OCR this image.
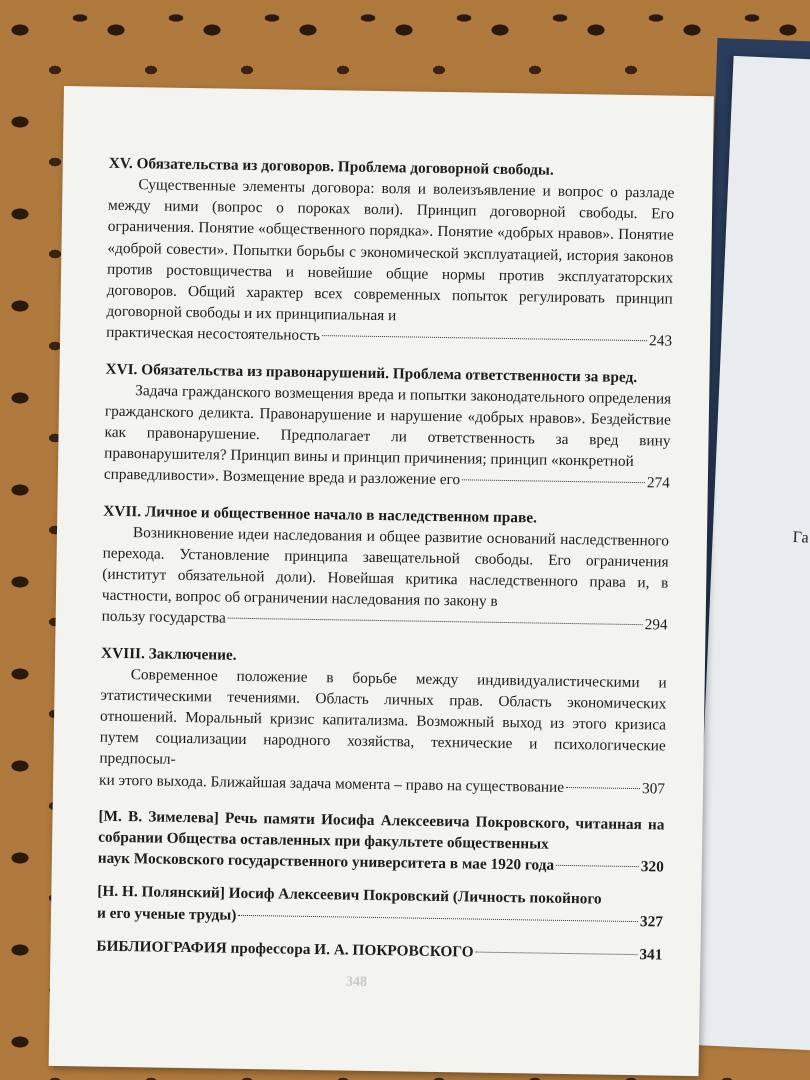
Га
XV. Обязательства из договоров. Проблема договорной свободы.
Существенные элементы договора: воля и волеизъявление и вопрос о разладе между ними (вопрос о пороках воли). Принцип договорной свободы. Его ограничения. Понятие «общественного порядка». Понятие «добрых нравов». Понятие «доброй совести». Попытки борьбы с экономической эксплуатацией, история законов против ростовщичества и новейшие общие нормы против эксплуататорских договоров. Общий характер всех современных попыток регулировать принцип договорной свободы и их принципиальная и
практическая несостоятельность	243
XVI. Обязательства из правонарушений. Проблема ответственности за вред.
Задача гражданского возмещения вреда и попытки законодательного определения гражданского деликта. Правонарушение и нарушение «добрых нравов». Бездействие как правонарушение. Предполагает ли ответственность за вред вину правонарушителя? Принцип вины и принцип причинения; принцип «конкретной
справедливости». Возмещение вреда и разложение его	274
XVII. Личное и общественное начало в наследственном праве.
Возникновение идеи наследования и общее развитие оснований наследственного перехода. Установление принципа завещательной свободы. Его ограничения (институт обязательной доли). Новейшая критика наследственного права и, в частности, вопрос об ограничении наследования по закону в
пользу государства	294
XVIII. Заключение.
Современное положение в борьбе между индивидуалистическими и этатистическими течениями. Область личных прав. Область экономических отношений. Моральный кризис капитализма. Возможный выход из этого кризиса путем социализации народного хозяйства, технические и психологические предпосыл-
ки этого выхода. Ближайшая задача момента – право на существование	307
[М. В. Зимелева] Речь памяти Иосифа Алексеевича Покровского, читанная на собрании Общества оставленных при факультете общественных
наук Московского государственного университета в мае 1920 года	320
[Н. Н. Полянский] Иосиф Алексеевич Покровский (Личность покойного
и его ученые труды)	327
БИБЛИОГРАФИЯ профессора И. А. ПОКРОВСКОГО	341
348
